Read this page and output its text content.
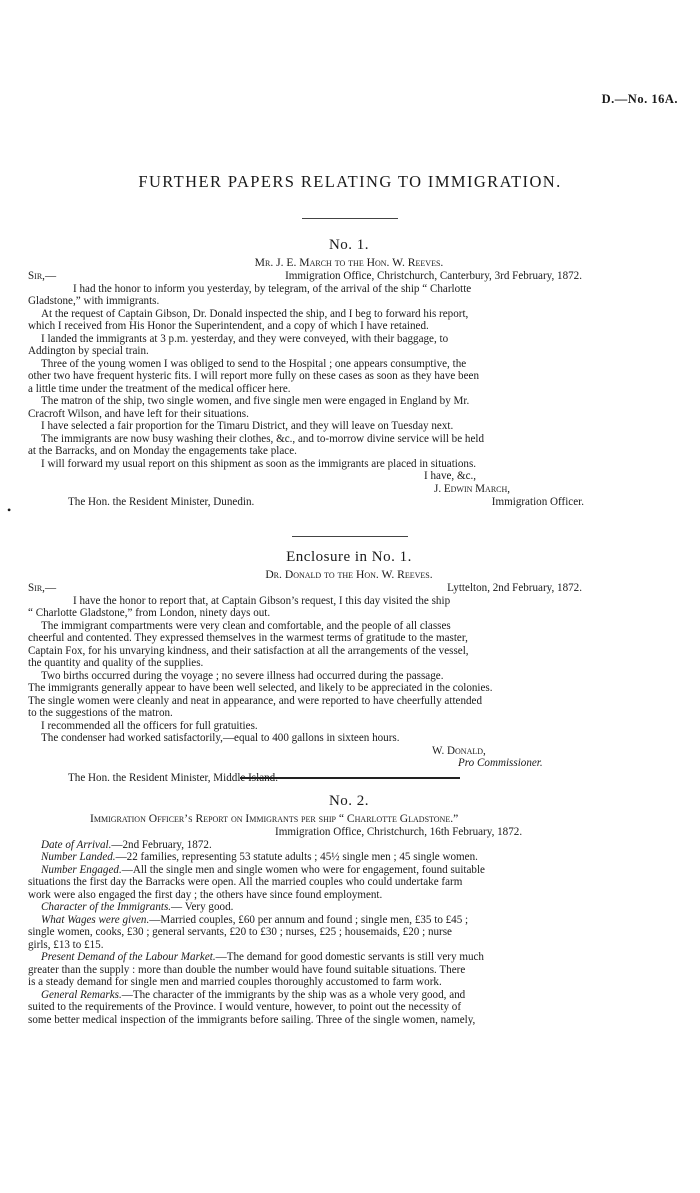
D.—No. 16A.
FURTHER PAPERS RELATING TO IMMIGRATION.
No. 1.
Mr. J. E. March to the Hon. W. Reeves.
Sir,—	Immigration Office, Christchurch, Canterbury, 3rd February, 1872.
I had the honor to inform you yesterday, by telegram, of the arrival of the ship “ Charlotte
Gladstone,” with immigrants.
At the request of Captain Gibson, Dr. Donald inspected the ship, and I beg to forward his report,
which I received from His Honor the Superintendent, and a copy of which I have retained.
I landed the immigrants at 3 p.m. yesterday, and they were conveyed, with their baggage, to
Addington by special train.
Three of the young women I was obliged to send to the Hospital ; one appears consumptive, the
other two have frequent hysteric fits. I will report more fully on these cases as soon as they have been
a little time under the treatment of the medical officer here.
The matron of the ship, two single women, and five single men were engaged in England by Mr.
Cracroft Wilson, and have left for their situations.
I have selected a fair proportion for the Timaru District, and they will leave on Tuesday next.
The immigrants are now busy washing their clothes, &c., and to-morrow divine service will be held
at the Barracks, and on Monday the engagements take place.
I will forward my usual report on this shipment as soon as the immigrants are placed in situations.
I have, &c.,
J. Edwin March,
The Hon. the Resident Minister, Dunedin.	Immigration Officer.
•
Enclosure in No. 1.
Dr. Donald to the Hon. W. Reeves.
Sir,—	Lyttelton, 2nd February, 1872.
I have the honor to report that, at Captain Gibson’s request, I this day visited the ship
“ Charlotte Gladstone,” from London, ninety days out.
The immigrant compartments were very clean and comfortable, and the people of all classes
cheerful and contented. They expressed themselves in the warmest terms of gratitude to the master,
Captain Fox, for his unvarying kindness, and their satisfaction at all the arrangements of the vessel,
the quantity and quality of the supplies.
Two births occurred during the voyage ; no severe illness had occurred during the passage.
The immigrants generally appear to have been well selected, and likely to be appreciated in the colonies.
The single women were cleanly and neat in appearance, and were reported to have cheerfully attended
to the suggestions of the matron.
I recommended all the officers for full gratuities.
The condenser had worked satisfactorily,—equal to 400 gallons in sixteen hours.
W. Donald,
Pro Commissioner.
The Hon. the Resident Minister, Middle Island.
No. 2.
Immigration Officer’s Report on Immigrants per ship “ Charlotte Gladstone.”
Immigration Office, Christchurch, 16th February, 1872.
Date of Arrival.—2nd February, 1872.
Number Landed.—22 families, representing 53 statute adults ; 45½ single men ; 45 single women.
Number Engaged.—All the single men and single women who were for engagement, found suitable
situations the first day the Barracks were open. All the married couples who could undertake farm
work were also engaged the first day ; the others have since found employment.
Character of the Immigrants.— Very good.
What Wages were given.—Married couples, £60 per annum and found ; single men, £35 to £45 ;
single women, cooks, £30 ; general servants, £20 to £30 ; nurses, £25 ; housemaids, £20 ; nurse
girls, £13 to £15.
Present Demand of the Labour Market.—The demand for good domestic servants is still very much
greater than the supply : more than double the number would have found suitable situations. There
is a steady demand for single men and married couples thoroughly accustomed to farm work.
General Remarks.—The character of the immigrants by the ship was as a whole very good, and
suited to the requirements of the Province. I would venture, however, to point out the necessity of
some better medical inspection of the immigrants before sailing. Three of the single women, namely,
